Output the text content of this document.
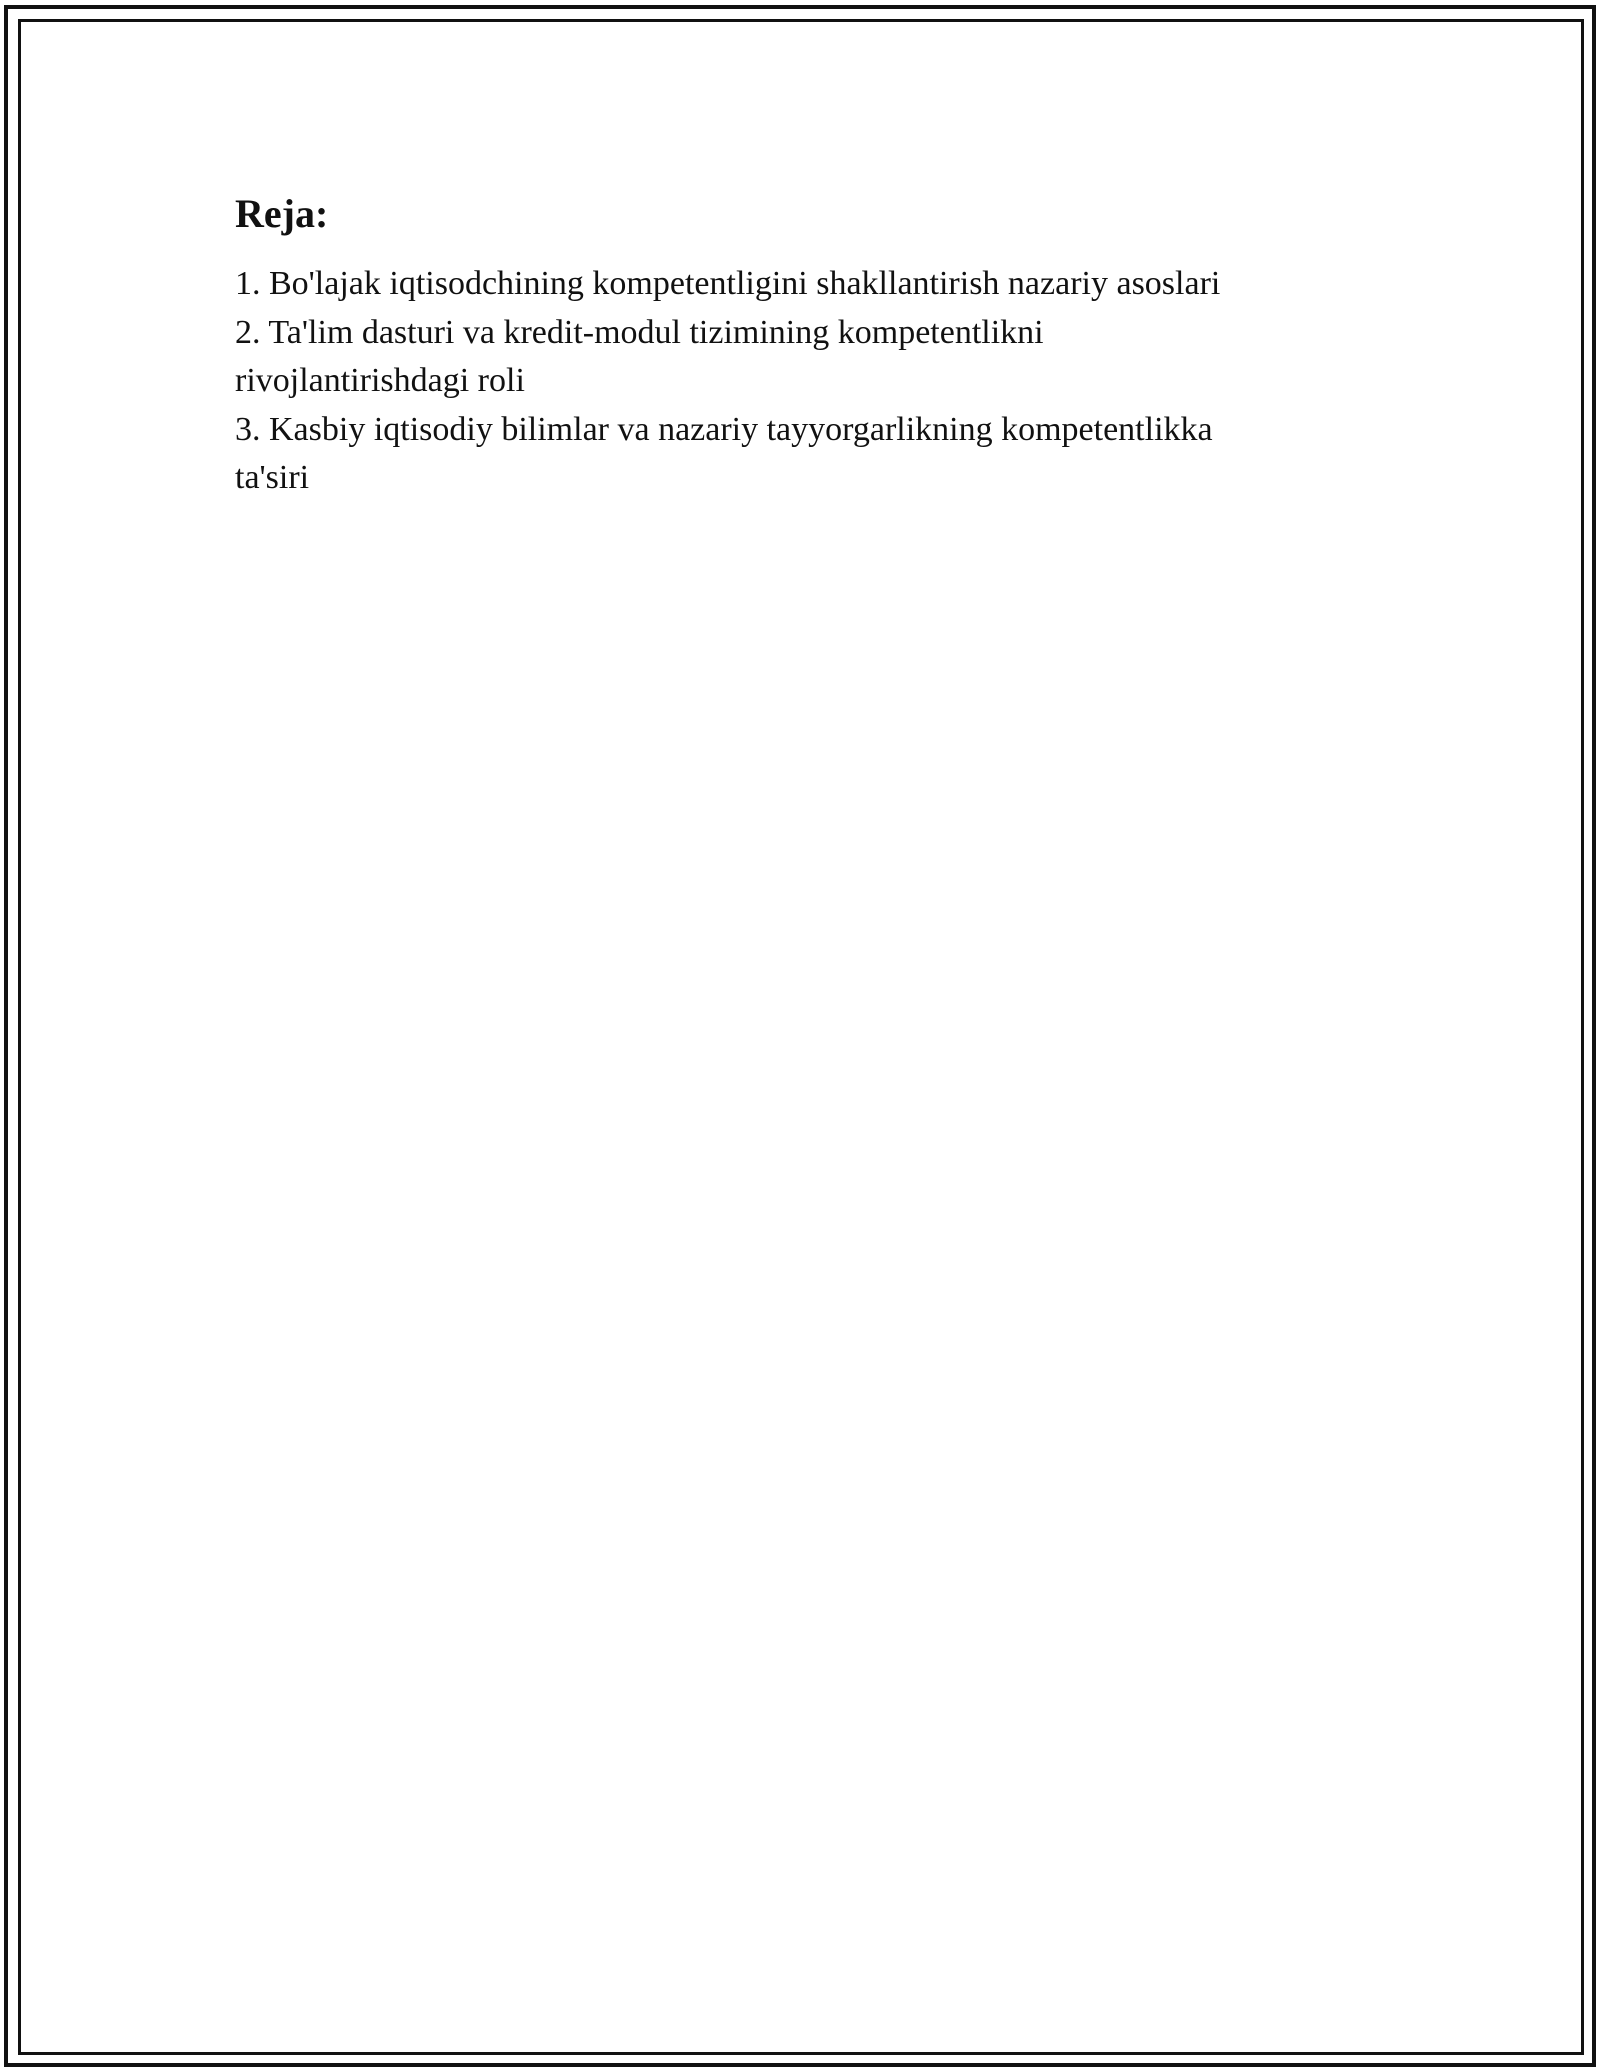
Reja:
1. Bo'lajak iqtisodchining kompetentligini shakllantirish nazariy asoslari
2. Ta'lim dasturi va kredit-modul tizimining kompetentlikni
rivojlantirishdagi roli
3. Kasbiy iqtisodiy bilimlar va nazariy tayyorgarlikning kompetentlikka
ta'siri
